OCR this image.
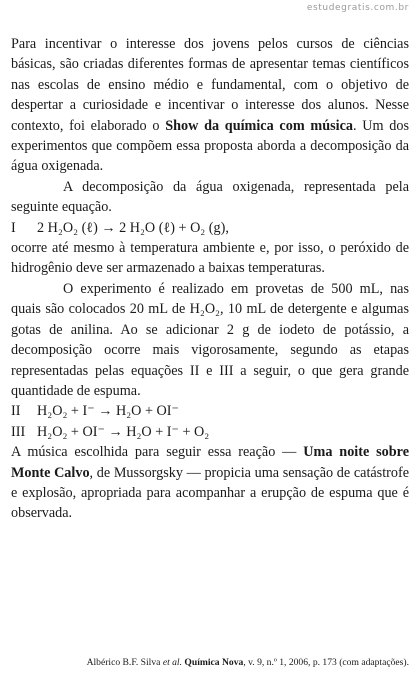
estudegratis.com.br

Para incentivar o interesse dos jovens pelos cursos de ciências básicas, são criadas diferentes formas de apresentar temas científicos nas escolas de ensino médio e fundamental, com o objetivo de despertar a curiosidade e incentivar o interesse dos alunos. Nesse contexto, foi elaborado o Show da química com música. Um dos experimentos que compõem essa proposta aborda a decomposição da água oxigenada.

A decomposição da água oxigenada, representada pela seguinte equação.

I 2 H₂O₂ (ℓ) → 2 H₂O (ℓ) + O₂ (g),

ocorre até mesmo à temperatura ambiente e, por isso, o peróxido de hidrogênio deve ser armazenado a baixas temperaturas.

O experimento é realizado em provetas de 500 mL, nas quais são colocados 20 mL de H₂O₂, 10 mL de detergente e algumas gotas de anilina. Ao se adicionar 2 g de iodeto de potássio, a decomposição ocorre mais vigorosamente, segundo as etapas representadas pelas equações II e III a seguir, o que gera grande quantidade de espuma.

II H₂O₂ + I⁻ → H₂O + OI⁻

III H₂O₂ + OI⁻ → H₂O + I⁻ + O₂

A música escolhida para seguir essa reação — Uma noite sobre Monte Calvo, de Mussorgsky — propicia uma sensação de catástrofe e explosão, apropriada para acompanhar a erupção de espuma que é observada.

Albérico B.F. Silva et al. Química Nova, v. 9, n.º 1, 2006, p. 173 (com adaptações).
